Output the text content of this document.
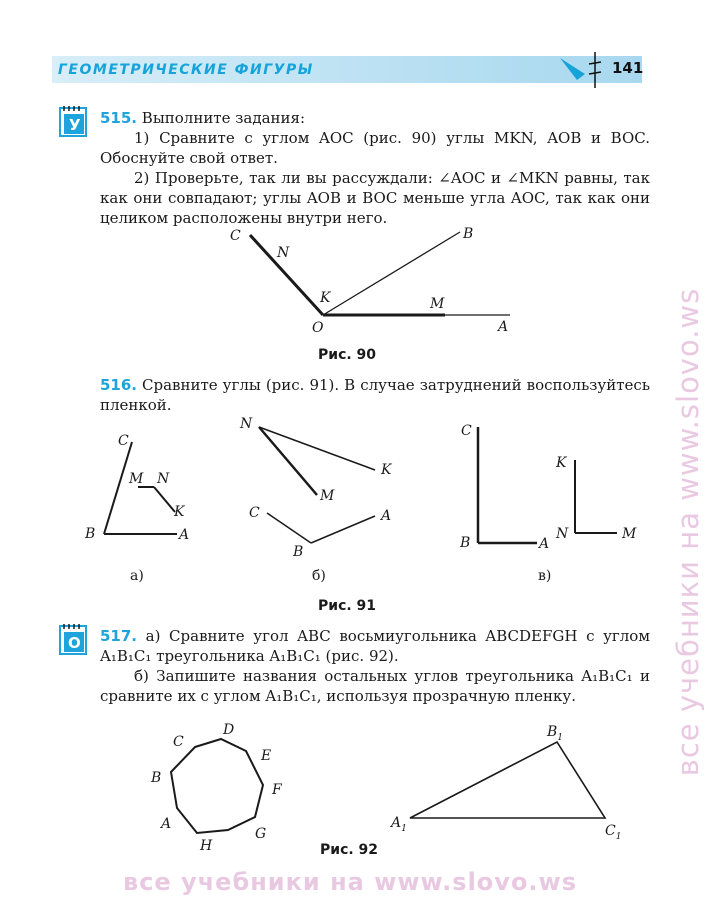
ГЕОМЕТРИЧЕСКИЕ ФИГУРЫ	141
У 515. Выполните задания:
1) Сравните с углом AOC (рис. 90) углы MKN, AOB и BOC. Обоснуйте свой ответ.
2) Проверьте, так ли вы рассуждали: ∠AOC и ∠MKN равны, так как они совпадают; углы AOB и BOC меньше угла AOC, так как они целиком расположены внутри него.
C
N
B
K	M
O	A
Рис. 90
516. Сравните углы (рис. 91). В случае затруднений воспользуйтесь пленкой.
C
M N
K
B	A
а)
N
K
M
C	A
B
б)
C
K
B	A
N	M
в)
Рис. 91
О 517. а) Сравните угол ABC восьмиугольника ABCDEFGH с углом A₁B₁C₁ треугольника A₁B₁C₁ (рис. 92).
б) Запишите названия остальных углов треугольника A₁B₁C₁ и сравните их с углом A₁B₁C₁, используя прозрачную пленку.
C
D
E
F
G
H
A
B
$A_1$
$B_1$
$C_1$
Рис. 92
все учебники на www.slovo.ws
все учебники на www.slovo.ws
